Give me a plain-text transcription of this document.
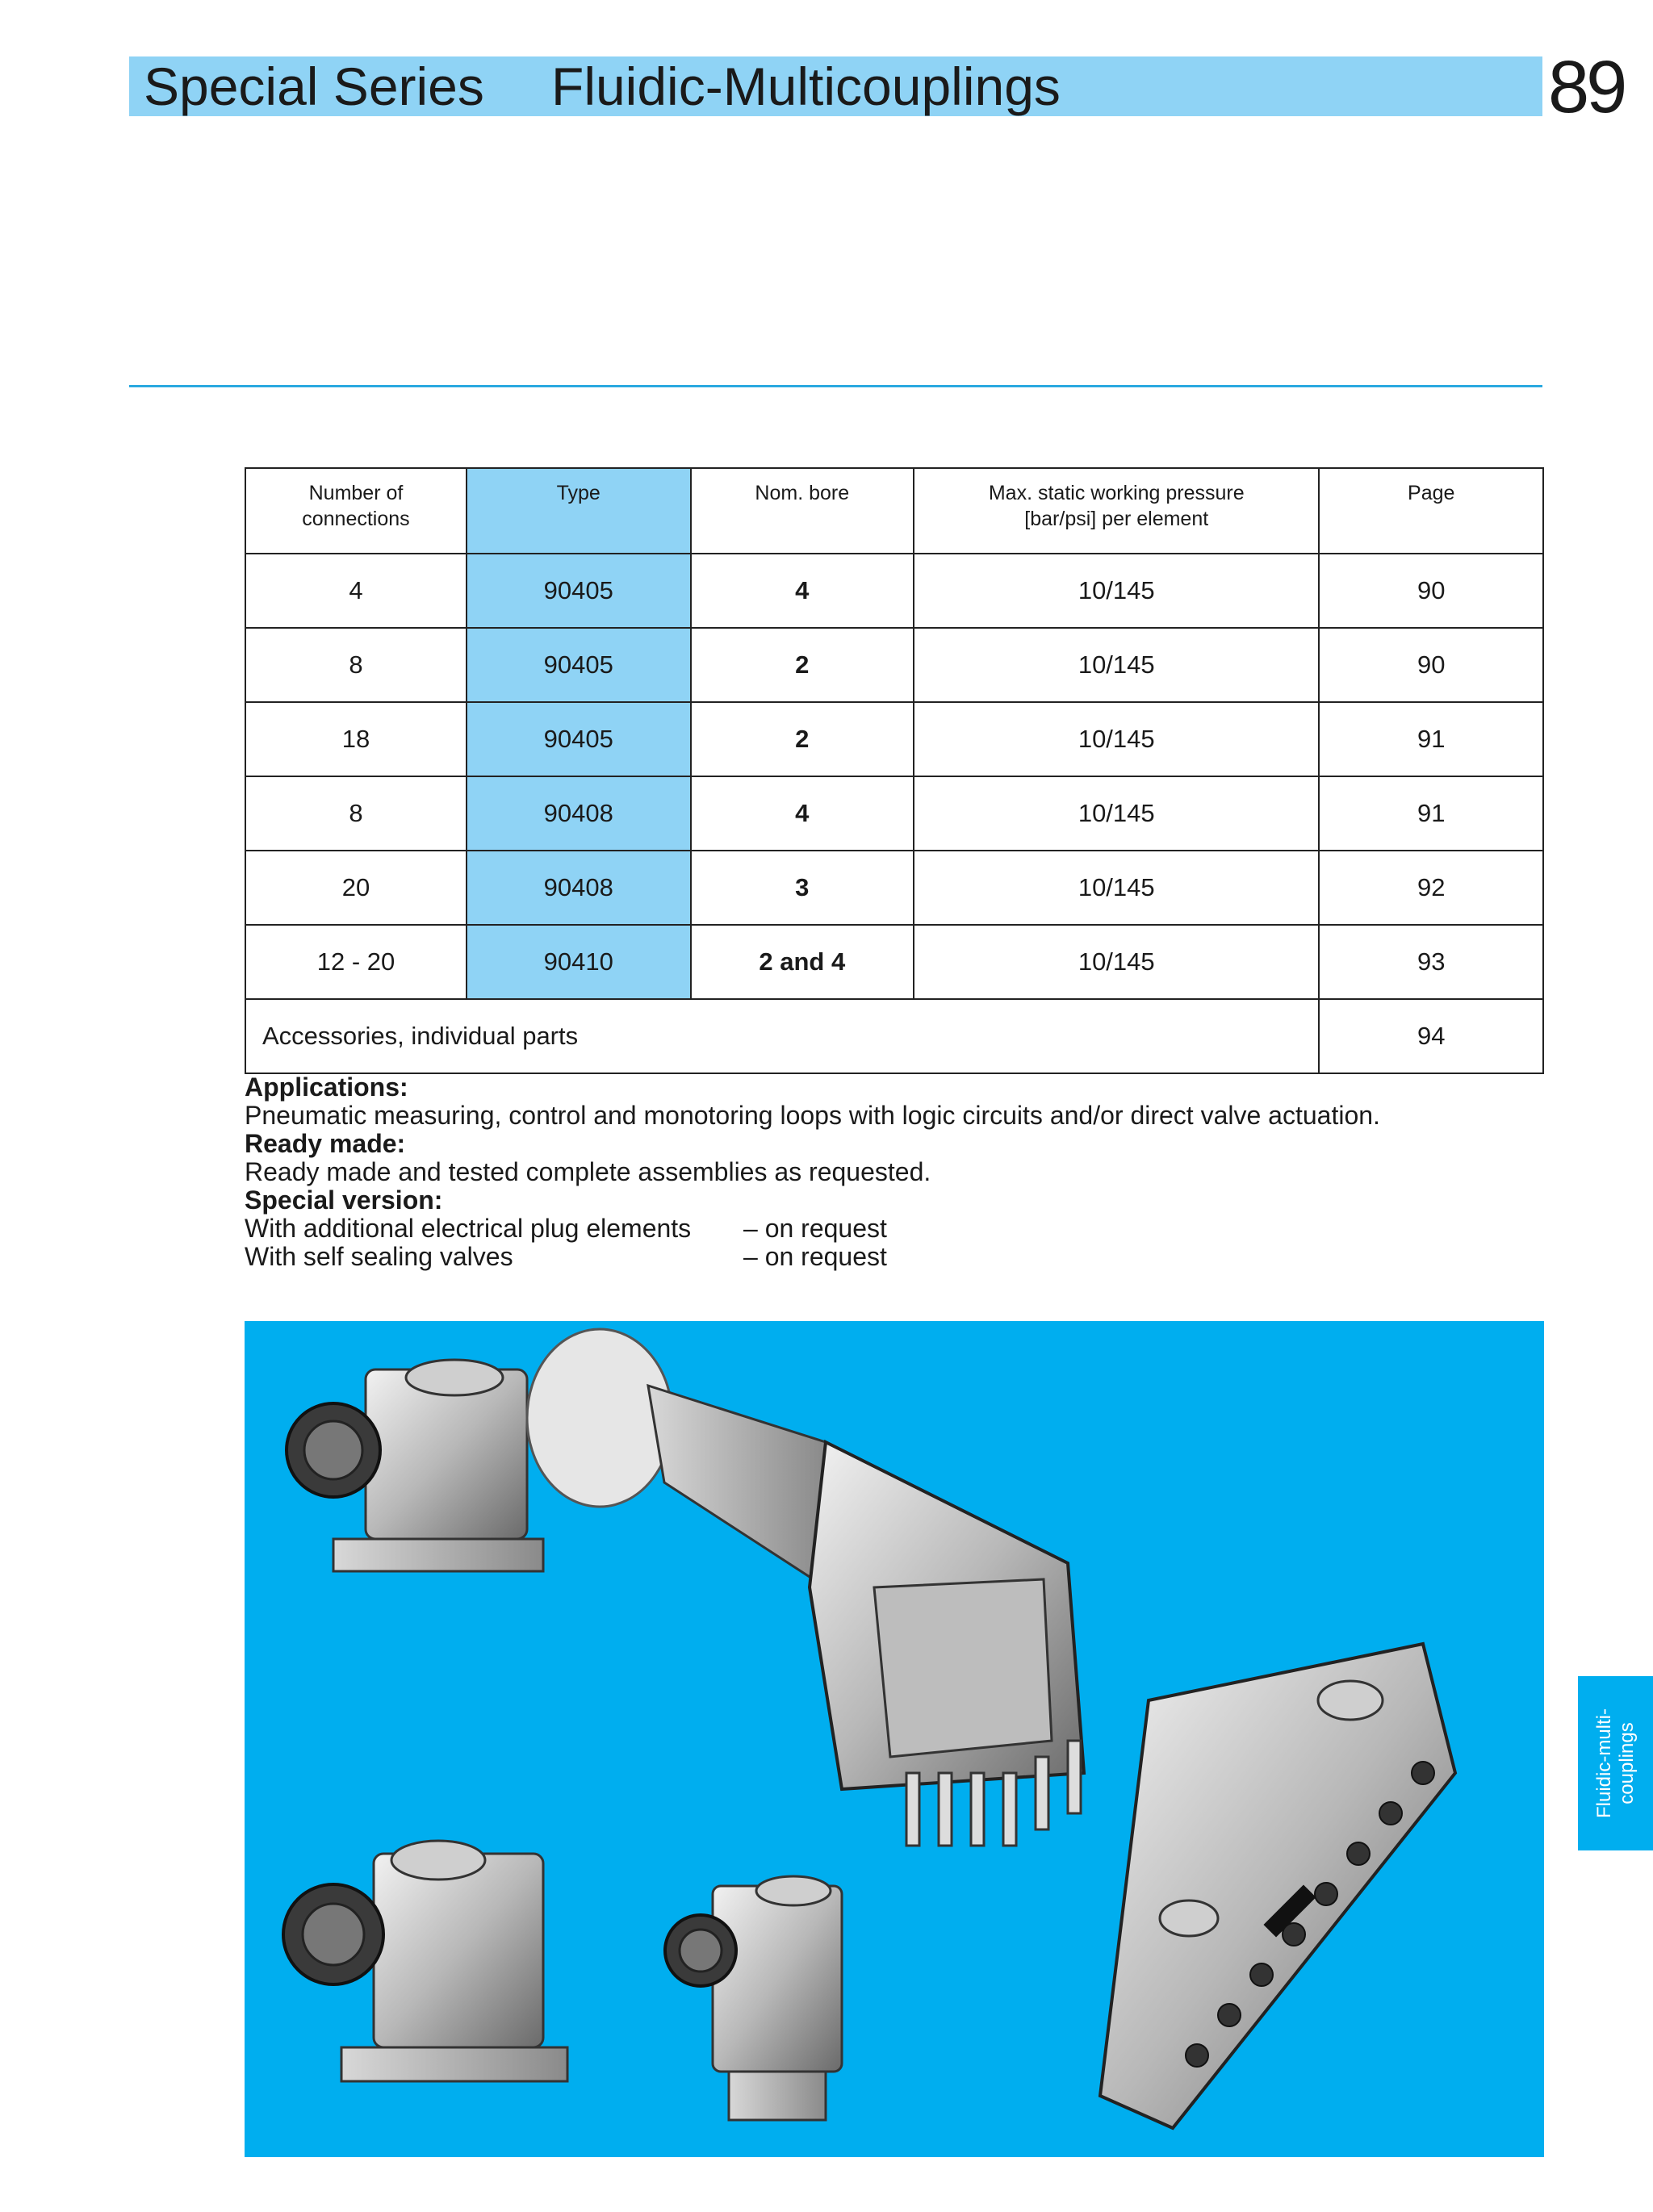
Special Series Fluidic-Multicouplings	89
Number of connections	Type	Nom. bore	Max. static working pressure [bar/psi] per element	Page
4	90405	4	10/145	90
8	90405	2	10/145	90
18	90405	2	10/145	91
8	90408	4	10/145	91
20	90408	3	10/145	92
12 - 20	90410	2 and 4	10/145	93
Accessories, individual parts				94
Applications:
Pneumatic measuring, control and monotoring loops with logic circuits and/or direct valve actuation.
Ready made:
Ready made and tested complete assemblies as requested.
Special version:
With additional electrical plug elements	– on request
With self sealing valves	– on request
Fluidic-multi-
couplings
